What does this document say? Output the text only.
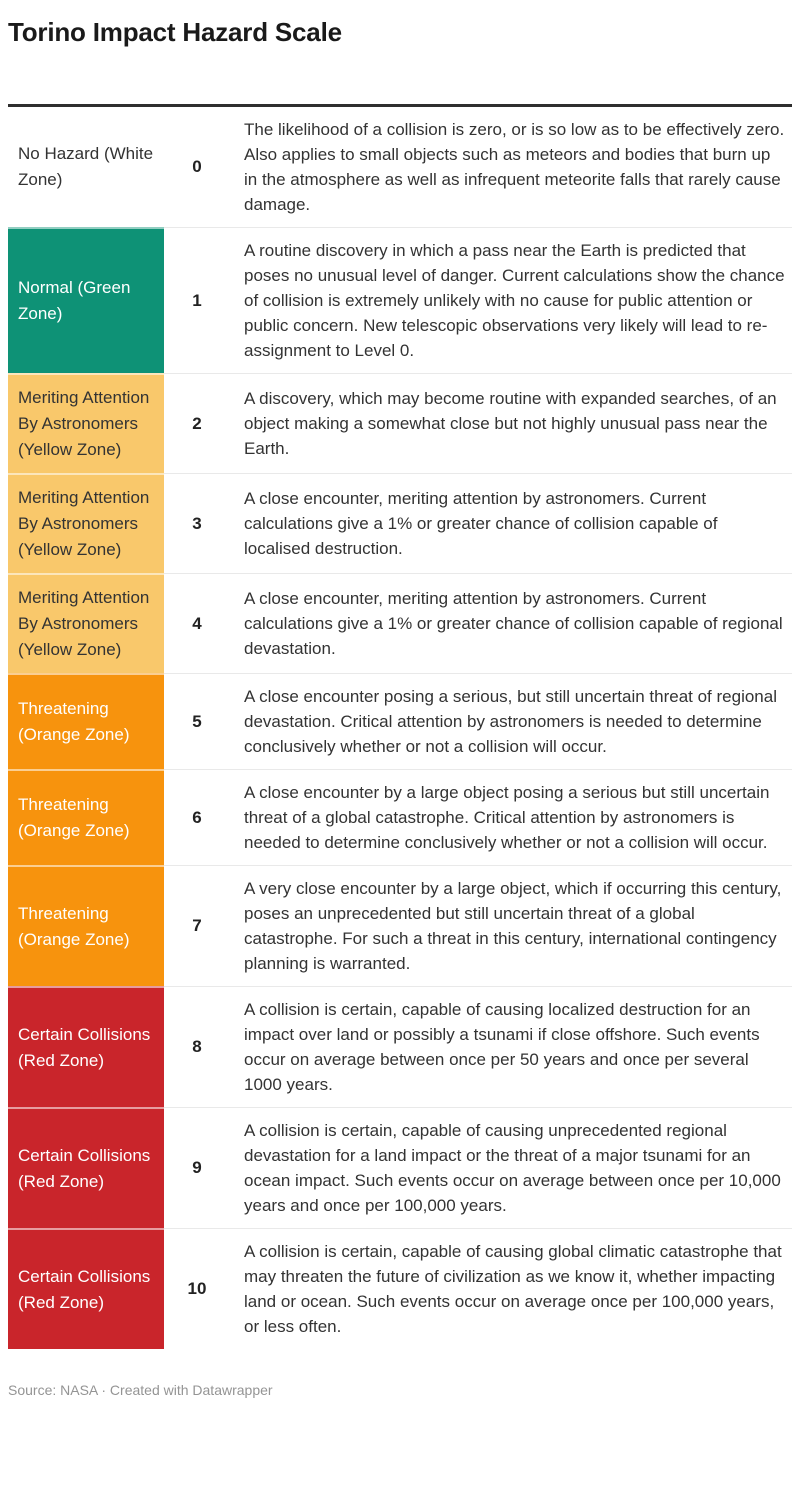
Torino Impact Hazard Scale
No Hazard (White Zone)	0	The likelihood of a collision is zero, or is so low as to be effectively zero. Also applies to small objects such as meteors and bodies that burn up in the atmosphere as well as infrequent meteorite falls that rarely cause damage.
Normal (Green Zone)	1	A routine discovery in which a pass near the Earth is predicted that poses no unusual level of danger. Current calculations show the chance of collision is extremely unlikely with no cause for public attention or public concern. New telescopic observations very likely will lead to re-assignment to Level 0.
Meriting Attention By Astronomers (Yellow Zone)	2	A discovery, which may become routine with expanded searches, of an object making a somewhat close but not highly unusual pass near the Earth.
Meriting Attention By Astronomers (Yellow Zone)	3	A close encounter, meriting attention by astronomers. Current calculations give a 1% or greater chance of collision capable of localised destruction.
Meriting Attention By Astronomers (Yellow Zone)	4	A close encounter, meriting attention by astronomers. Current calculations give a 1% or greater chance of collision capable of regional devastation.
Threatening (Orange Zone)	5	A close encounter posing a serious, but still uncertain threat of regional devastation. Critical attention by astronomers is needed to determine conclusively whether or not a collision will occur.
Threatening (Orange Zone)	6	A close encounter by a large object posing a serious but still uncertain threat of a global catastrophe. Critical attention by astronomers is needed to determine conclusively whether or not a collision will occur.
Threatening (Orange Zone)	7	A very close encounter by a large object, which if occurring this century, poses an unprecedented but still uncertain threat of a global catastrophe. For such a threat in this century, international contingency planning is warranted.
Certain Collisions (Red Zone)	8	A collision is certain, capable of causing localized destruction for an impact over land or possibly a tsunami if close offshore. Such events occur on average between once per 50 years and once per several 1000 years.
Certain Collisions (Red Zone)	9	A collision is certain, capable of causing unprecedented regional devastation for a land impact or the threat of a major tsunami for an ocean impact. Such events occur on average between once per 10,000 years and once per 100,000 years.
Certain Collisions (Red Zone)	10	A collision is certain, capable of causing global climatic catastrophe that may threaten the future of civilization as we know it, whether impacting land or ocean. Such events occur on average once per 100,000 years, or less often.
Source: NASA · Created with Datawrapper
